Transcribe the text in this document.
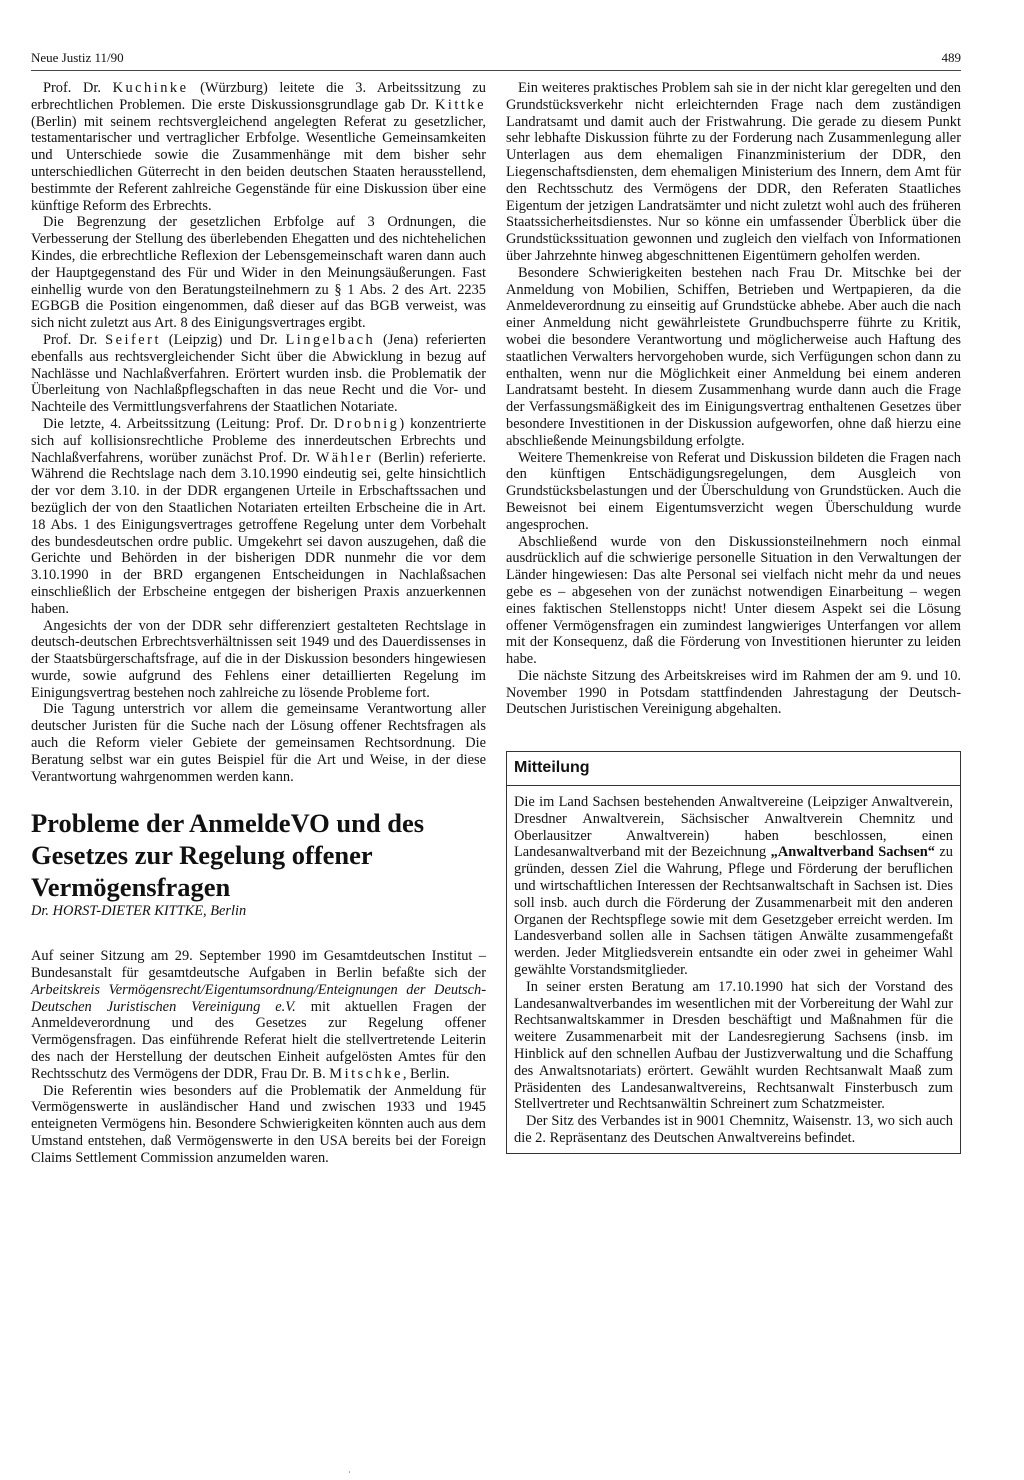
Neue Justiz 11/90	489

Prof. Dr. Kuchinke (Würzburg) leitete die 3. Arbeitssitzung zu erbrechtlichen Problemen. Die erste Diskussionsgrundlage gab Dr. Kittke (Berlin) mit seinem rechtsvergleichend angelegten Referat zu gesetzlicher, testamentarischer und vertraglicher Erbfolge. Wesentliche Gemeinsamkeiten und Unterschiede sowie die Zusammenhänge mit dem bisher sehr unterschiedlichen Güterrecht in den beiden deutschen Staaten herausstellend, bestimmte der Referent zahlreiche Gegenstände für eine Diskussion über eine künftige Reform des Erbrechts.

Die Begrenzung der gesetzlichen Erbfolge auf 3 Ordnungen, die Verbesserung der Stellung des überlebenden Ehegatten und des nichtehelichen Kindes, die erbrechtliche Reflexion der Lebensgemeinschaft waren dann auch der Hauptgegenstand des Für und Wider in den Meinungsäußerungen. Fast einhellig wurde von den Beratungsteilnehmern zu § 1 Abs. 2 des Art. 2235 EGBGB die Position eingenommen, daß dieser auf das BGB verweist, was sich nicht zuletzt aus Art. 8 des Einigungsvertrages ergibt.

Prof. Dr. Seifert (Leipzig) und Dr. Lingelbach (Jena) referierten ebenfalls aus rechtsvergleichender Sicht über die Abwicklung in bezug auf Nachlässe und Nachlaßverfahren. Erörtert wurden insb. die Problematik der Überleitung von Nachlaßpflegschaften in das neue Recht und die Vor- und Nachteile des Vermittlungsverfahrens der Staatlichen Notariate.

Die letzte, 4. Arbeitssitzung (Leitung: Prof. Dr. Drobnig) konzentrierte sich auf kollisionsrechtliche Probleme des innerdeutschen Erbrechts und Nachlaßverfahrens, worüber zunächst Prof. Dr. Wähler (Berlin) referierte. Während die Rechtslage nach dem 3.10.1990 eindeutig sei, gelte hinsichtlich der vor dem 3.10. in der DDR ergangenen Urteile in Erbschaftssachen und bezüglich der von den Staatlichen Notariaten erteilten Erbscheine die in Art. 18 Abs. 1 des Einigungsvertrages getroffene Regelung unter dem Vorbehalt des bundesdeutschen ordre public. Umgekehrt sei davon auszugehen, daß die Gerichte und Behörden in der bisherigen DDR nunmehr die vor dem 3.10.1990 in der BRD ergangenen Entscheidungen in Nachlaßsachen einschließlich der Erbscheine entgegen der bisherigen Praxis anzuerkennen haben.

Angesichts der von der DDR sehr differenziert gestalteten Rechtslage in deutsch-deutschen Erbrechtsverhältnissen seit 1949 und des Dauerdissenses in der Staatsbürgerschaftsfrage, auf die in der Diskussion besonders hingewiesen wurde, sowie aufgrund des Fehlens einer detaillierten Regelung im Einigungsvertrag bestehen noch zahlreiche zu lösende Probleme fort.

Die Tagung unterstrich vor allem die gemeinsame Verantwortung aller deutscher Juristen für die Suche nach der Lösung offener Rechtsfragen als auch die Reform vieler Gebiete der gemeinsamen Rechtsordnung. Die Beratung selbst war ein gutes Beispiel für die Art und Weise, in der diese Verantwortung wahrgenommen werden kann.

Probleme der AnmeldeVO und des Gesetzes zur Regelung offener Vermögensfragen

Dr. HORST-DIETER KITTKE, Berlin

Auf seiner Sitzung am 29. September 1990 im Gesamtdeutschen Institut – Bundesanstalt für gesamtdeutsche Aufgaben in Berlin befaßte sich der Arbeitskreis Vermögensrecht/Eigentumsordnung/Enteignungen der Deutsch-Deutschen Juristischen Vereinigung e.V. mit aktuellen Fragen der Anmeldeverordnung und des Gesetzes zur Regelung offener Vermögensfragen. Das einführende Referat hielt die stellvertretende Leiterin des nach der Herstellung der deutschen Einheit aufgelösten Amtes für den Rechtsschutz des Vermögens der DDR, Frau Dr. B. Mitschke, Berlin.

Die Referentin wies besonders auf die Problematik der Anmeldung für Vermögenswerte in ausländischer Hand und zwischen 1933 und 1945 enteigneten Vermögens hin. Besondere Schwierigkeiten könnten auch aus dem Umstand entstehen, daß Vermögenswerte in den USA bereits bei der Foreign Claims Settlement Commission anzumelden waren.

Ein weiteres praktisches Problem sah sie in der nicht klar geregelten und den Grundstücksverkehr nicht erleichternden Frage nach dem zuständigen Landratsamt und damit auch der Fristwahrung. Die gerade zu diesem Punkt sehr lebhafte Diskussion führte zu der Forderung nach Zusammenlegung aller Unterlagen aus dem ehemaligen Finanzministerium der DDR, den Liegenschaftsdiensten, dem ehemaligen Ministerium des Innern, dem Amt für den Rechtsschutz des Vermögens der DDR, den Referaten Staatliches Eigentum der jetzigen Landratsämter und nicht zuletzt wohl auch des früheren Staatssicherheitsdienstes. Nur so könne ein umfassender Überblick über die Grundstückssituation gewonnen und zugleich den vielfach von Informationen über Jahrzehnte hinweg abgeschnittenen Eigentümern geholfen werden.

Besondere Schwierigkeiten bestehen nach Frau Dr. Mitschke bei der Anmeldung von Mobilien, Schiffen, Betrieben und Wertpapieren, da die Anmeldeverordnung zu einseitig auf Grundstücke abhebe. Aber auch die nach einer Anmeldung nicht gewährleistete Grundbuchsperre führte zu Kritik, wobei die besondere Verantwortung und möglicherweise auch Haftung des staatlichen Verwalters hervorgehoben wurde, sich Verfügungen schon dann zu enthalten, wenn nur die Möglichkeit einer Anmeldung bei einem anderen Landratsamt besteht. In diesem Zusammenhang wurde dann auch die Frage der Verfassungsmäßigkeit des im Einigungsvertrag enthaltenen Gesetzes über besondere Investitionen in der Diskussion aufgeworfen, ohne daß hierzu eine abschließende Meinungsbildung erfolgte.

Weitere Themenkreise von Referat und Diskussion bildeten die Fragen nach den künftigen Entschädigungsregelungen, dem Ausgleich von Grundstücksbelastungen und der Überschuldung von Grundstücken. Auch die Beweisnot bei einem Eigentumsverzicht wegen Überschuldung wurde angesprochen.

Abschließend wurde von den Diskussionsteilnehmern noch einmal ausdrücklich auf die schwierige personelle Situation in den Verwaltungen der Länder hingewiesen: Das alte Personal sei vielfach nicht mehr da und neues gebe es – abgesehen von der zunächst notwendigen Einarbeitung – wegen eines faktischen Stellenstopps nicht! Unter diesem Aspekt sei die Lösung offener Vermögensfragen ein zumindest langwieriges Unterfangen vor allem mit der Konsequenz, daß die Förderung von Investitionen hierunter zu leiden habe.

Die nächste Sitzung des Arbeitskreises wird im Rahmen der am 9. und 10. November 1990 in Potsdam stattfindenden Jahrestagung der Deutsch-Deutschen Juristischen Vereinigung abgehalten.

Mitteilung

Die im Land Sachsen bestehenden Anwaltvereine (Leipziger Anwaltverein, Dresdner Anwaltverein, Sächsischer Anwaltverein Chemnitz und Oberlausitzer Anwaltverein) haben beschlossen, einen Landesanwaltverband mit der Bezeichnung „Anwaltverband Sachsen“ zu gründen, dessen Ziel die Wahrung, Pflege und Förderung der beruflichen und wirtschaftlichen Interessen der Rechtsanwaltschaft in Sachsen ist. Dies soll insb. auch durch die Förderung der Zusammenarbeit mit den anderen Organen der Rechtspflege sowie mit dem Gesetzgeber erreicht werden. Im Landesverband sollen alle in Sachsen tätigen Anwälte zusammengefaßt werden. Jeder Mitgliedsverein entsandte ein oder zwei in geheimer Wahl gewählte Vorstandsmitglieder.

In seiner ersten Beratung am 17.10.1990 hat sich der Vorstand des Landesanwaltverbandes im wesentlichen mit der Vorbereitung der Wahl zur Rechtsanwaltskammer in Dresden beschäftigt und Maßnahmen für die weitere Zusammenarbeit mit der Landesregierung Sachsens (insb. im Hinblick auf den schnellen Aufbau der Justizverwaltung und die Schaffung des Anwaltsnotariats) erörtert. Gewählt wurden Rechtsanwalt Maaß zum Präsidenten des Landesanwaltvereins, Rechtsanwalt Finsterbusch zum Stellvertreter und Rechtsanwältin Schreinert zum Schatzmeister.

Der Sitz des Verbandes ist in 9001 Chemnitz, Waisenstr. 13, wo sich auch die 2. Repräsentanz des Deutschen Anwaltvereins befindet.

·
